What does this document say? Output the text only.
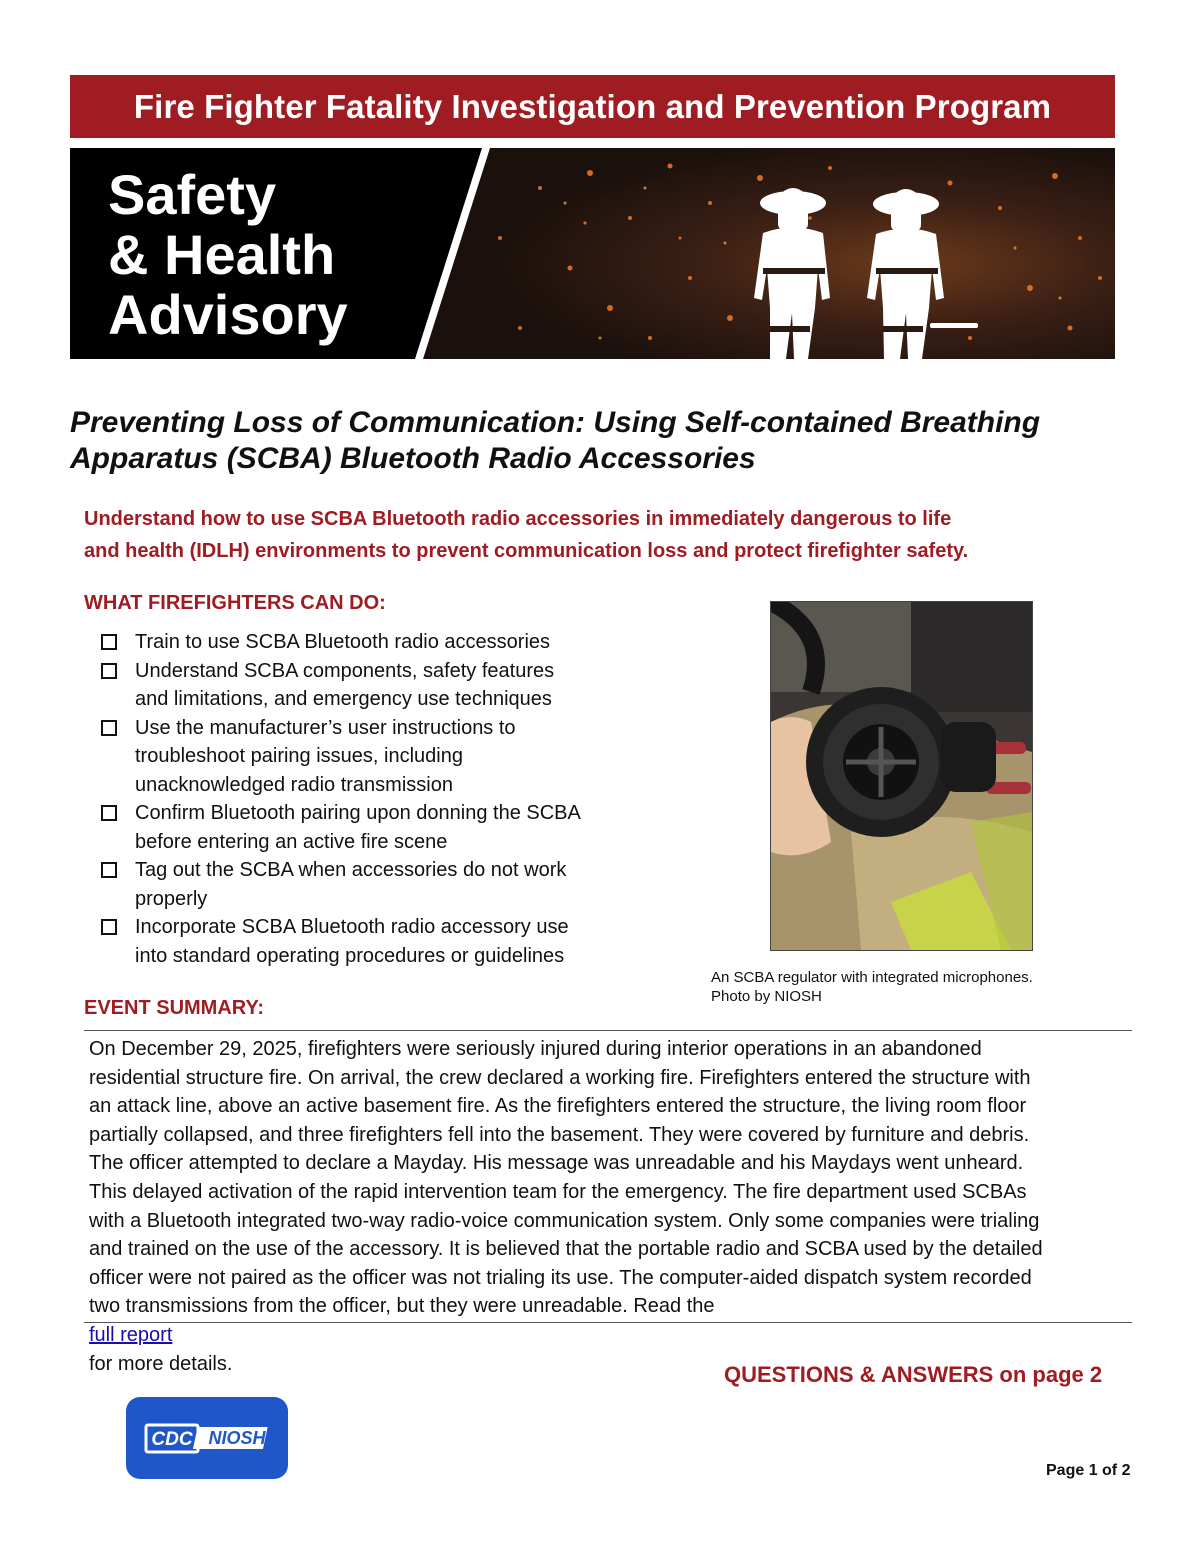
Fire Fighter Fatality Investigation and Prevention Program
Safety
& Health
Advisory
Preventing Loss of Communication: Using Self-contained Breathing
Apparatus (SCBA) Bluetooth Radio Accessories
Understand how to use SCBA Bluetooth radio accessories in immediately dangerous to life
and health (IDLH) environments to prevent communication loss and protect firefighter safety.
WHAT FIREFIGHTERS CAN DO:
Train to use SCBA Bluetooth radio accessories
Understand SCBA components, safety features
and limitations, and emergency use techniques
Use the manufacturer’s user instructions to
troubleshoot pairing issues, including
unacknowledged radio transmission
Confirm Bluetooth pairing upon donning the SCBA
before entering an active fire scene
Tag out the SCBA when accessories do not work
properly
Incorporate SCBA Bluetooth radio accessory use
into standard operating procedures or guidelines
An SCBA regulator with integrated microphones.
Photo by NIOSH
EVENT SUMMARY:
On December 29, 2025, firefighters were seriously injured during interior operations in an abandoned
residential structure fire. On arrival, the crew declared a working fire. Firefighters entered the structure with
an attack line, above an active basement fire. As the firefighters entered the structure, the living room floor
partially collapsed, and three firefighters fell into the basement. They were covered by furniture and debris.
The officer attempted to declare a Mayday. His message was unreadable and his Maydays went unheard.
This delayed activation of the rapid intervention team for the emergency. The fire department used SCBAs
with a Bluetooth integrated two-way radio-voice communication system. Only some companies were trialing
and trained on the use of the accessory. It is believed that the portable radio and SCBA used by the detailed
officer were not paired as the officer was not trialing its use. The computer-aided dispatch system recorded
two transmissions from the officer, but they were unreadable. Read the
full report
for more details.	QUESTIONS & ANSWERS on page 2
CDC NIOSH
Page 1 of 2
